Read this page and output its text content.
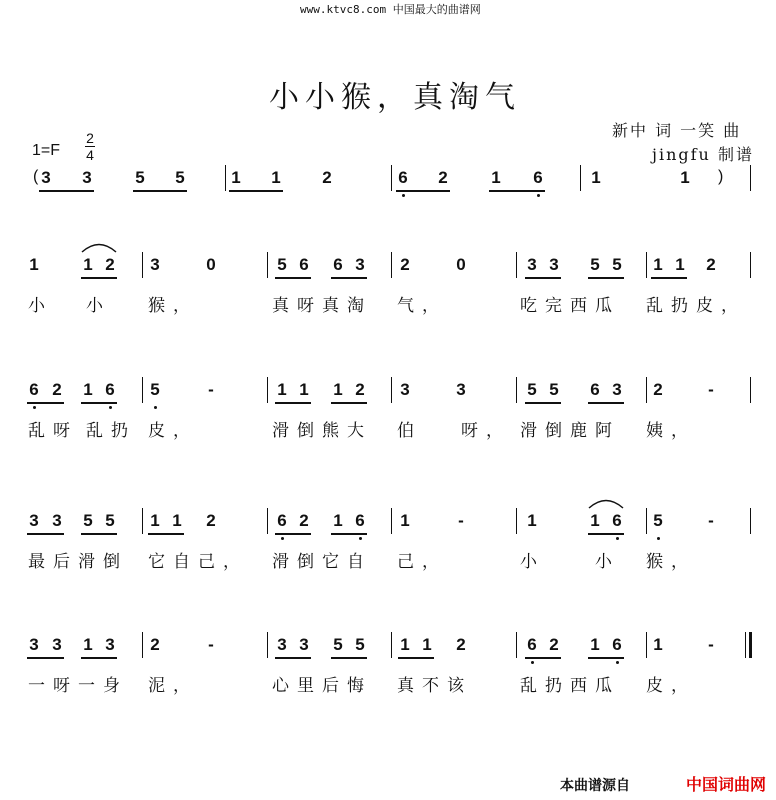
www.ktvc8.com 中国最大的曲谱网
小小猴，真淘气
新中 词 一笑 曲
jingfu 制谱
1=F
2
4
3 3	5 5	1 1 2	6 2	1 6	1	1
(	)
1	1 2 3	0	5 6 6 3 2	0	3 3 5 5 1 1 2
小 小	猴，	真呀真淘 气，	吃完西瓜 乱扔皮，
6 2 1 6 5	-	1 1 1 2 3	3	5 5 6 3 2	-
乱呀 乱扔 皮，	滑倒熊大 伯	呀， 滑倒鹿阿 姨，
3 3 5 5 1 1 2	6 2 1 6 1	-	1	1 6 5	-
最后滑倒 它自己， 滑倒它自 己，	小	小 猴，
3 3 1 3 2	-	3 3 5 5 1 1 2	6 2 1 6 1	-
一呀一身 泥，	心里后悔 真不该	乱扔西瓜 皮，
本曲谱源自	中国词曲网
